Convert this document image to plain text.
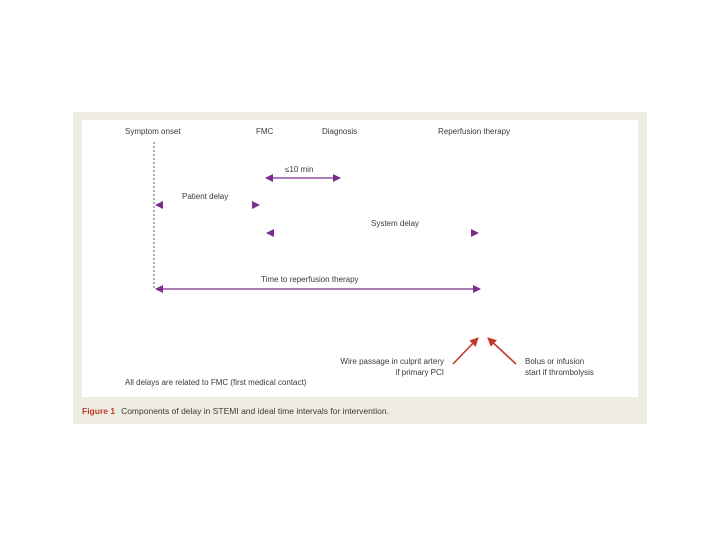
Symptom onset	FMC	Diagnosis	Reperfusion therapy
≤10 min
Patient delay
System delay
Time to reperfusion therapy
Wire passage in culprit artery
if primary PCI
Bolus or infusion
start if thrombolysis
All delays are related to FMC (first medical contact)
Figure 1 Components of delay in STEMI and ideal time intervals for intervention.
